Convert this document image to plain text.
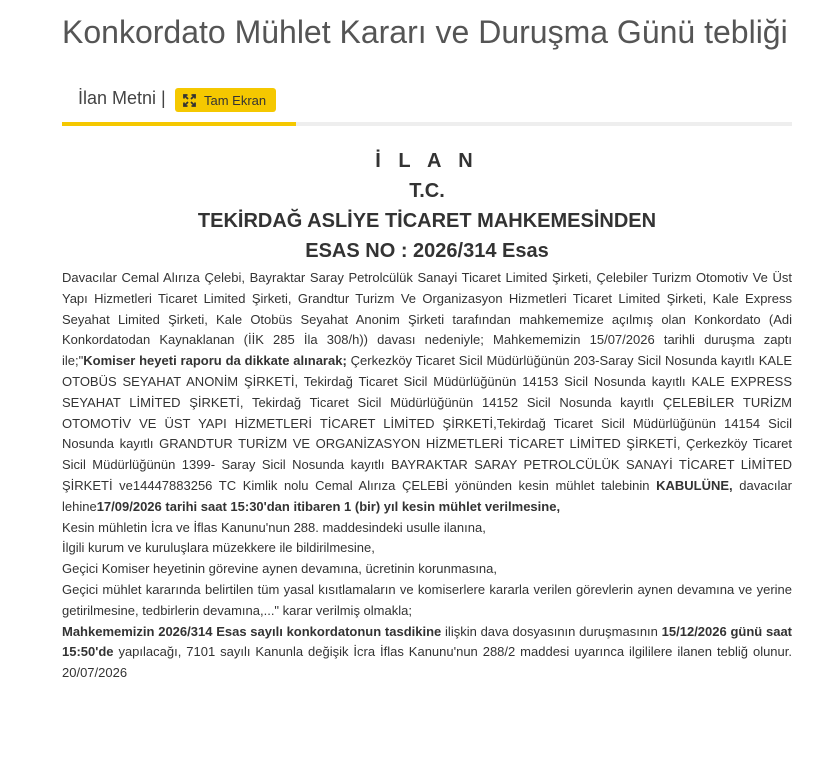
Konkordato Mühlet Kararı ve Duruşma Günü tebliği
İlan Metni |	Tam Ekran
İ L A N
T.C.
TEKİRDAĞ ASLİYE TİCARET MAHKEMESİNDEN
ESAS NO : 2026/314 Esas

Davacılar Cemal Alırıza Çelebi, Bayraktar Saray Petrolcülük Sanayi Ticaret Limited Şirketi, Çelebiler Turizm Otomotiv Ve Üst Yapı Hizmetleri Ticaret Limited Şirketi, Grandtur Turizm Ve Organizasyon Hizmetleri Ticaret Limited Şirketi, Kale Express Seyahat Limited Şirketi, Kale Otobüs Seyahat Anonim Şirketi tarafından mahkememize açılmış olan Konkordato (Adi Konkordatodan Kaynaklanan (İİK 285 İla 308/h)) davası nedeniyle; Mahkememizin 15/07/2026 tarihli duruşma zaptı ile;"Komiser heyeti raporu da dikkate alınarak; Çerkezköy Ticaret Sicil Müdürlüğünün 203-Saray Sicil Nosunda kayıtlı KALE OTOBÜS SEYAHAT ANONİM ŞİRKETİ, Tekirdağ Ticaret Sicil Müdürlüğünün 14153 Sicil Nosunda kayıtlı KALE EXPRESS SEYAHAT LİMİTED ŞİRKETİ, Tekirdağ Ticaret Sicil Müdürlüğünün 14152 Sicil Nosunda kayıtlı ÇELEBİLER TURİZM OTOMOTİV VE ÜST YAPI HİZMETLERİ TİCARET LİMİTED ŞİRKETİ,Tekirdağ Ticaret Sicil Müdürlüğünün 14154 Sicil Nosunda kayıtlı GRANDTUR TURİZM VE ORGANİZASYON HİZMETLERİ TİCARET LİMİTED ŞİRKETİ, Çerkezköy Ticaret Sicil Müdürlüğünün 1399- Saray Sicil Nosunda kayıtlı BAYRAKTAR SARAY PETROLCÜLÜK SANAYİ TİCARET LİMİTED ŞİRKETİ ve14447883256 TC Kimlik nolu Cemal Alırıza ÇELEBİ yönünden kesin mühlet talebinin KABULÜNE, davacılar lehine17/09/2026 tarihi saat 15:30'dan itibaren 1 (bir) yıl kesin mühlet verilmesine,

Kesin mühletin İcra ve İflas Kanunu'nun 288. maddesindeki usulle ilanına,

İlgili kurum ve kuruluşlara müzekkere ile bildirilmesine,

Geçici Komiser heyetinin görevine aynen devamına, ücretinin korunmasına,

Geçici mühlet kararında belirtilen tüm yasal kısıtlamaların ve komiserlere kararla verilen görevlerin aynen devamına ve yerine getirilmesine, tedbirlerin devamına,..." karar verilmiş olmakla;

Mahkememizin 2026/314 Esas sayılı konkordatonun tasdikine ilişkin dava dosyasının duruşmasının 15/12/2026 günü saat 15:50'de yapılacağı, 7101 sayılı Kanunla değişik İcra İflas Kanunu'nun 288/2 maddesi uyarınca ilgililere ilanen tebliğ olunur. 20/07/2026
